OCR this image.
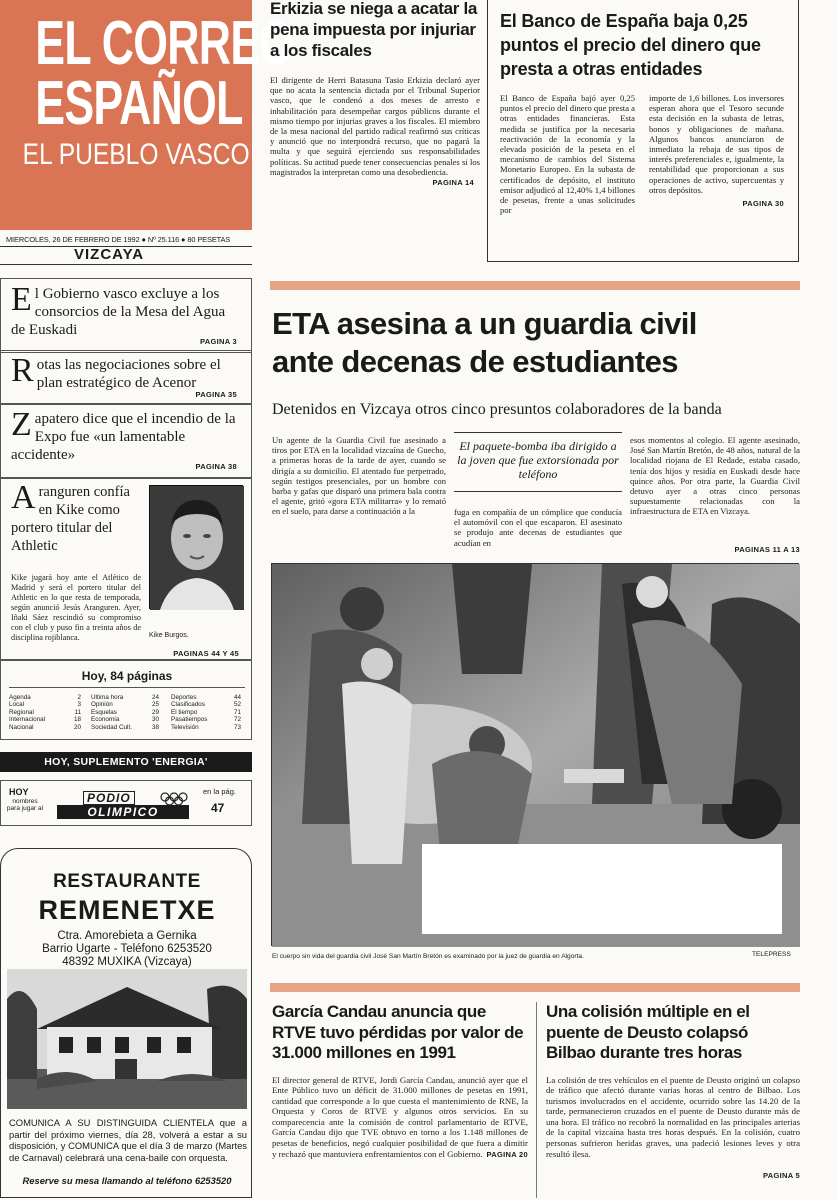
EL CORREO
ESPAÑOL
EL PUEBLO VASCO
MIERCOLES, 26 DE FEBRERO DE 1992 ● Nº 25.116 ● 80 PESETAS
VIZCAYA
Erkizia se niega a acatar la pena impuesta por injuriar a los fiscales
El dirigente de Herri Batasuna Tasio Erkizia declaró ayer que no acata la sentencia dictada por el Tribunal Superior vasco, que le condenó a dos meses de arresto e inhabilitación para desempeñar cargos públicos durante el mismo tiempo por injurias graves a los fiscales. El miembro de la mesa nacional del partido radical reafirmó sus críticas y anunció que no interpondrá recurso, que no pagará la multa y que seguirá ejerciendo sus responsabilidades políticas. Su actitud puede tener consecuencias penales si los magistrados la interpretan como una desobediencia.
PAGINA 14
El Banco de España baja 0,25 puntos el precio del dinero que presta a otras entidades
El Banco de España bajó ayer 0,25 puntos el precio del dinero que presta a otras entidades financieras. Esta medida se justifica por la necesaria reactivación de la economía y la elevada posición de la peseta en el mecanismo de cambios del Sistema Monetario Europeo. En la subasta de certificados de depósito, el instituto emisor adjudicó al 12,40% 1,4 billones de pesetas, frente a unas solicitudes por
importe de 1,6 billones. Los inversores esperan ahora que el Tesoro secunde esta decisión en la subasta de letras, bonos y obligaciones de mañana. Algunos bancos anunciaron de inmediato la rebaja de sus tipos de interés preferenciales e, igualmente, la rentabilidad que proporcionan a sus operaciones de activo, supercuentas y otros depósitos.
PAGINA 30
E l Gobierno vasco excluye a los consorcios de la Mesa del Agua de Euskadi
PAGINA 3
R otas las negociaciones sobre el plan estratégico de Acenor
PAGINA 35
Z apatero dice que el incendio de la Expo fue «un lamentable accidente»
PAGINA 38
A ranguren confía en Kike como portero titular del Athletic
Kike jugará hoy ante el Atlético de Madrid y será el portero titular del Athletic en lo que resta de temporada, según anunció Jesús Aranguren. Ayer, Iñaki Sáez rescindió su compromiso con el club y puso fin a treinta años de disciplina rojiblanca.	Kike Burgos.
PAGINAS 44 Y 45
Hoy, 84 páginas
Agenda	2
Local	3
Regional	11
Internacional	18
Nacional	20
Ultima hora	24
Opinión	25
Esquelas	29
Economía	30
Sociedad Cult.	38
Deportes	44
Clasificados	52
El tiempo	71
Pasatiempos	72
Televisión	73
HOY, SUPLEMENTO 'ENERGIA'
HOY
nombres para jugar al
PODIO
OLIMPICO
en la pág.
47
RESTAURANTE
REMENETXE
Ctra. Amorebieta a Gernika
Barrio Ugarte - Teléfono 6253520
48392 MUXIKA (Vizcaya)
COMUNICA A SU DISTINGUIDA CLIENTELA que a partir del próximo viernes, día 28, volverá a estar a su disposición, y COMUNICA que el día 3 de marzo (Martes de Carnaval) celebrará una cena-baile con orquesta.
Reserve su mesa llamando al teléfono 6253520
ETA asesina a un guardia civil
ante decenas de estudiantes
Detenidos en Vizcaya otros cinco presuntos colaboradores de la banda
Un agente de la Guardia Civil fue asesinado a tiros por ETA en la localidad vizcaína de Guecho, a primeras horas de la tarde de ayer, cuando se dirigía a su domicilio. El atentado fue perpetrado, según testigos presenciales, por un hombre con barba y gafas que disparó una primera bala contra el agente, gritó «gora ETA militarra» y lo remató en el suelo, para darse a continuación a la
El paquete-bomba iba dirigido a la joven que fue extorsionada por teléfono
fuga en compañía de un cómplice que conducía el automóvil con el que escaparon. El asesinato se produjo ante decenas de estudiantes que acudían en
esos momentos al colegio. El agente asesinado, José San Martín Bretón, de 48 años, natural de la localidad riojana de El Redade, estaba casado, tenía dos hijos y residía en Euskadi desde hace quince años. Por otra parte, la Guardia Civil detuvo ayer a otras cinco personas supuestamente relacionadas con la infraestructura de ETA en Vizcaya.
PAGINAS 11 A 13
El cuerpo sin vida del guardia civil José San Martín Bretón es examinado por la juez de guardia en Algorta.	TELEPRESS
García Candau anuncia que RTVE tuvo pérdidas por valor de 31.000 millones en 1991
El director general de RTVE, Jordi García Candau, anunció ayer que el Ente Público tuvo un déficit de 31.000 millones de pesetas en 1991, cantidad que corresponde a lo que cuesta el mantenimiento de RNE, la Orquesta y Coros de RTVE y algunos otros servicios. En su comparecencia ante la comisión de control parlamentario de RTVE, García Candau dijo que TVE obtuvo en torno a los 1.148 millones de pesetas de beneficios, negó cualquier posibilidad de que fuera a dimitir y rechazó que mantuviera enfrentamientos con el Gobierno. PAGINA 20
Una colisión múltiple en el puente de Deusto colapsó Bilbao durante tres horas
La colisión de tres vehículos en el puente de Deusto originó un colapso de tráfico que afectó durante varias horas al centro de Bilbao. Los turismos involucrados en el accidente, ocurrido sobre las 14.20 de la tarde, permanecieron cruzados en el puente de Deusto durante más de una hora. El tráfico no recobró la normalidad en las principales arterias de la capital vizcaína hasta tres horas después. En la colisión, cuatro personas sufrieron heridas graves, una padeció lesiones leves y otra resultó ilesa.
PAGINA 5
